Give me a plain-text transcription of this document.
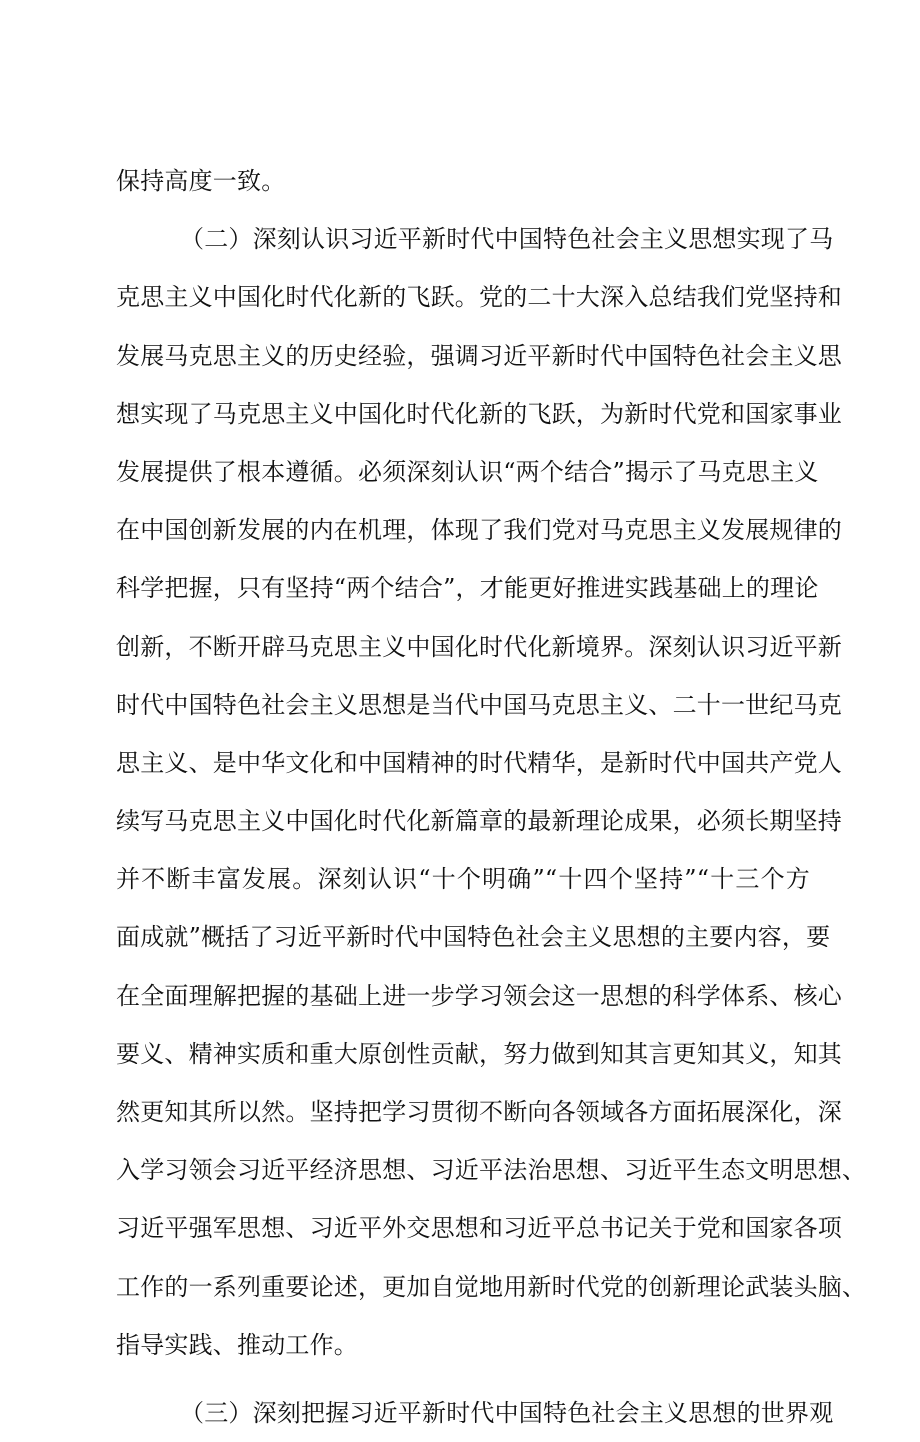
保持高度一致。
（二）深刻认识习近平新时代中国特色社会主义思想实现了马
克思主义中国化时代化新的飞跃。党的二十大深入总结我们党坚持和
发展马克思主义的历史经验，强调习近平新时代中国特色社会主义思
想实现了马克思主义中国化时代化新的飞跃，为新时代党和国家事业
发展提供了根本遵循。必须深刻认识“两个结合”揭示了马克思主义
在中国创新发展的内在机理，体现了我们党对马克思主义发展规律的
科学把握，只有坚持“两个结合”，才能更好推进实践基础上的理论
创新，不断开辟马克思主义中国化时代化新境界。深刻认识习近平新
时代中国特色社会主义思想是当代中国马克思主义、二十一世纪马克
思主义、是中华文化和中国精神的时代精华，是新时代中国共产党人
续写马克思主义中国化时代化新篇章的最新理论成果，必须长期坚持
并不断丰富发展。深刻认识“十个明确”“十四个坚持”“十三个方
面成就”概括了习近平新时代中国特色社会主义思想的主要内容，要
在全面理解把握的基础上进一步学习领会这一思想的科学体系、核心
要义、精神实质和重大原创性贡献，努力做到知其言更知其义，知其
然更知其所以然。坚持把学习贯彻不断向各领域各方面拓展深化，深
入学习领会习近平经济思想、习近平法治思想、习近平生态文明思想、
习近平强军思想、习近平外交思想和习近平总书记关于党和国家各项
工作的一系列重要论述，更加自觉地用新时代党的创新理论武装头脑、
指导实践、推动工作。
（三）深刻把握习近平新时代中国特色社会主义思想的世界观
